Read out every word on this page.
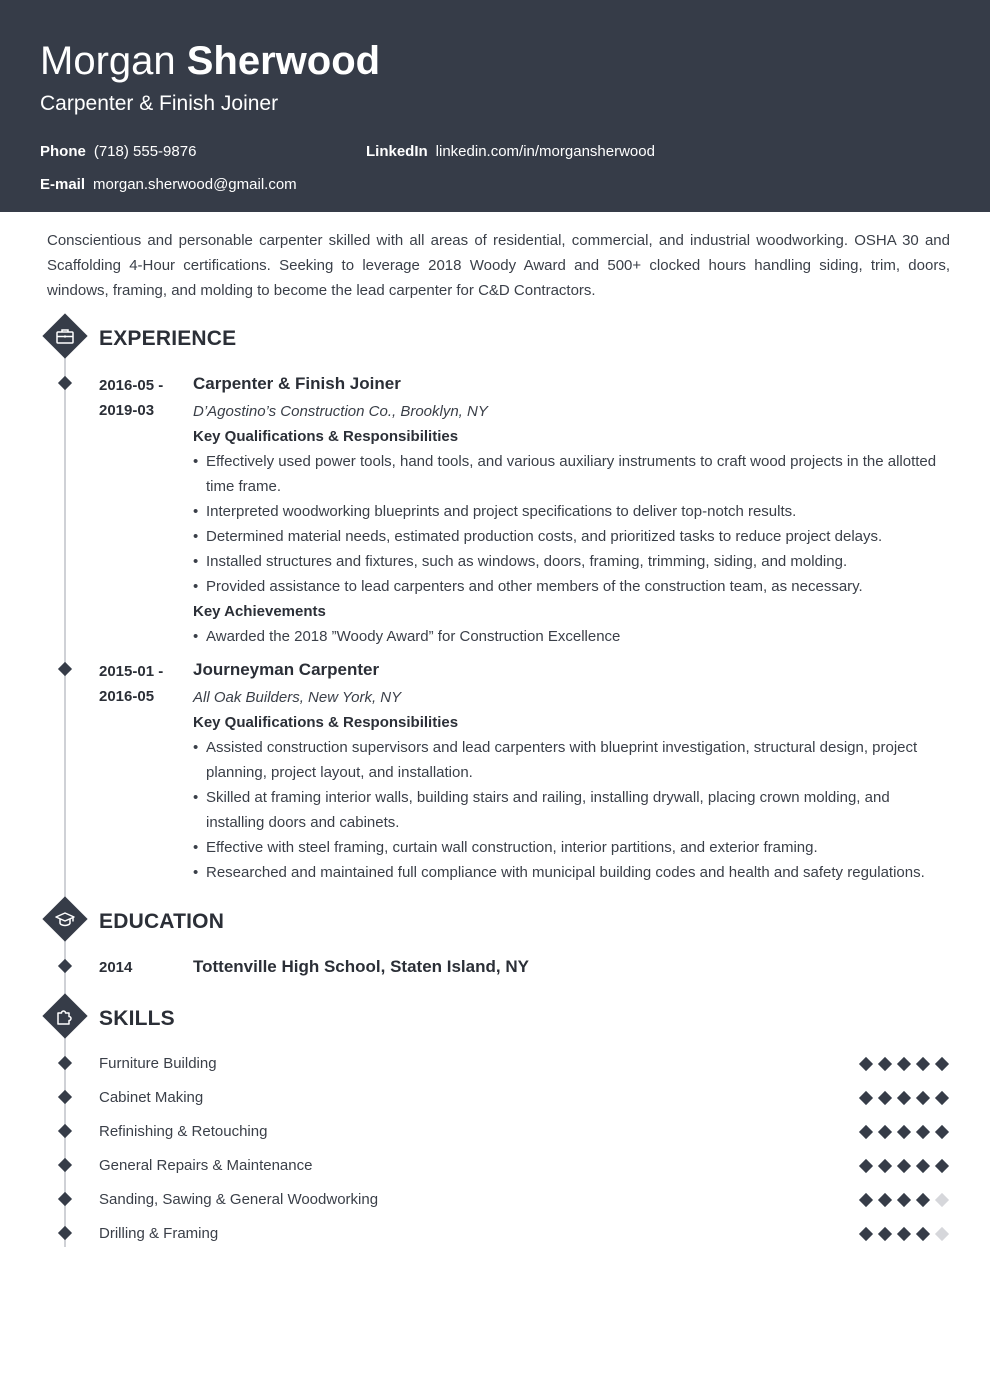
Morgan Sherwood
Carpenter & Finish Joiner
Phone (718) 555-9876	LinkedIn linkedin.com/in/morgansherwood
E-mail morgan.sherwood@gmail.com

Conscientious and personable carpenter skilled with all areas of residential, commercial, and industrial woodworking. OSHA 30 and Scaffolding 4-Hour certifications. Seeking to leverage 2018 Woody Award and 500+ clocked hours handling siding, trim, doors, windows, framing, and molding to become the lead carpenter for C&D Contractors.

EXPERIENCE
2016-05 -
2019-03
Carpenter & Finish Joiner
D’Agostino’s Construction Co., Brooklyn, NY
Key Qualifications & Responsibilities
• Effectively used power tools, hand tools, and various auxiliary instruments to craft wood projects in the allotted time frame.
• Interpreted woodworking blueprints and project specifications to deliver top-notch results.
• Determined material needs, estimated production costs, and prioritized tasks to reduce project delays.
• Installed structures and fixtures, such as windows, doors, framing, trimming, siding, and molding.
• Provided assistance to lead carpenters and other members of the construction team, as necessary.
Key Achievements
• Awarded the 2018 ”Woody Award” for Construction Excellence
2015-01 -
2016-05
Journeyman Carpenter
All Oak Builders, New York, NY
Key Qualifications & Responsibilities
• Assisted construction supervisors and lead carpenters with blueprint investigation, structural design, project planning, project layout, and installation.
• Skilled at framing interior walls, building stairs and railing, installing drywall, placing crown molding, and installing doors and cabinets.
• Effective with steel framing, curtain wall construction, interior partitions, and exterior framing.
• Researched and maintained full compliance with municipal building codes and health and safety regulations.
EDUCATION
2014	Tottenville High School, Staten Island, NY
SKILLS
Furniture Building
Cabinet Making
Refinishing & Retouching
General Repairs & Maintenance
Sanding, Sawing & General Woodworking
Drilling & Framing
